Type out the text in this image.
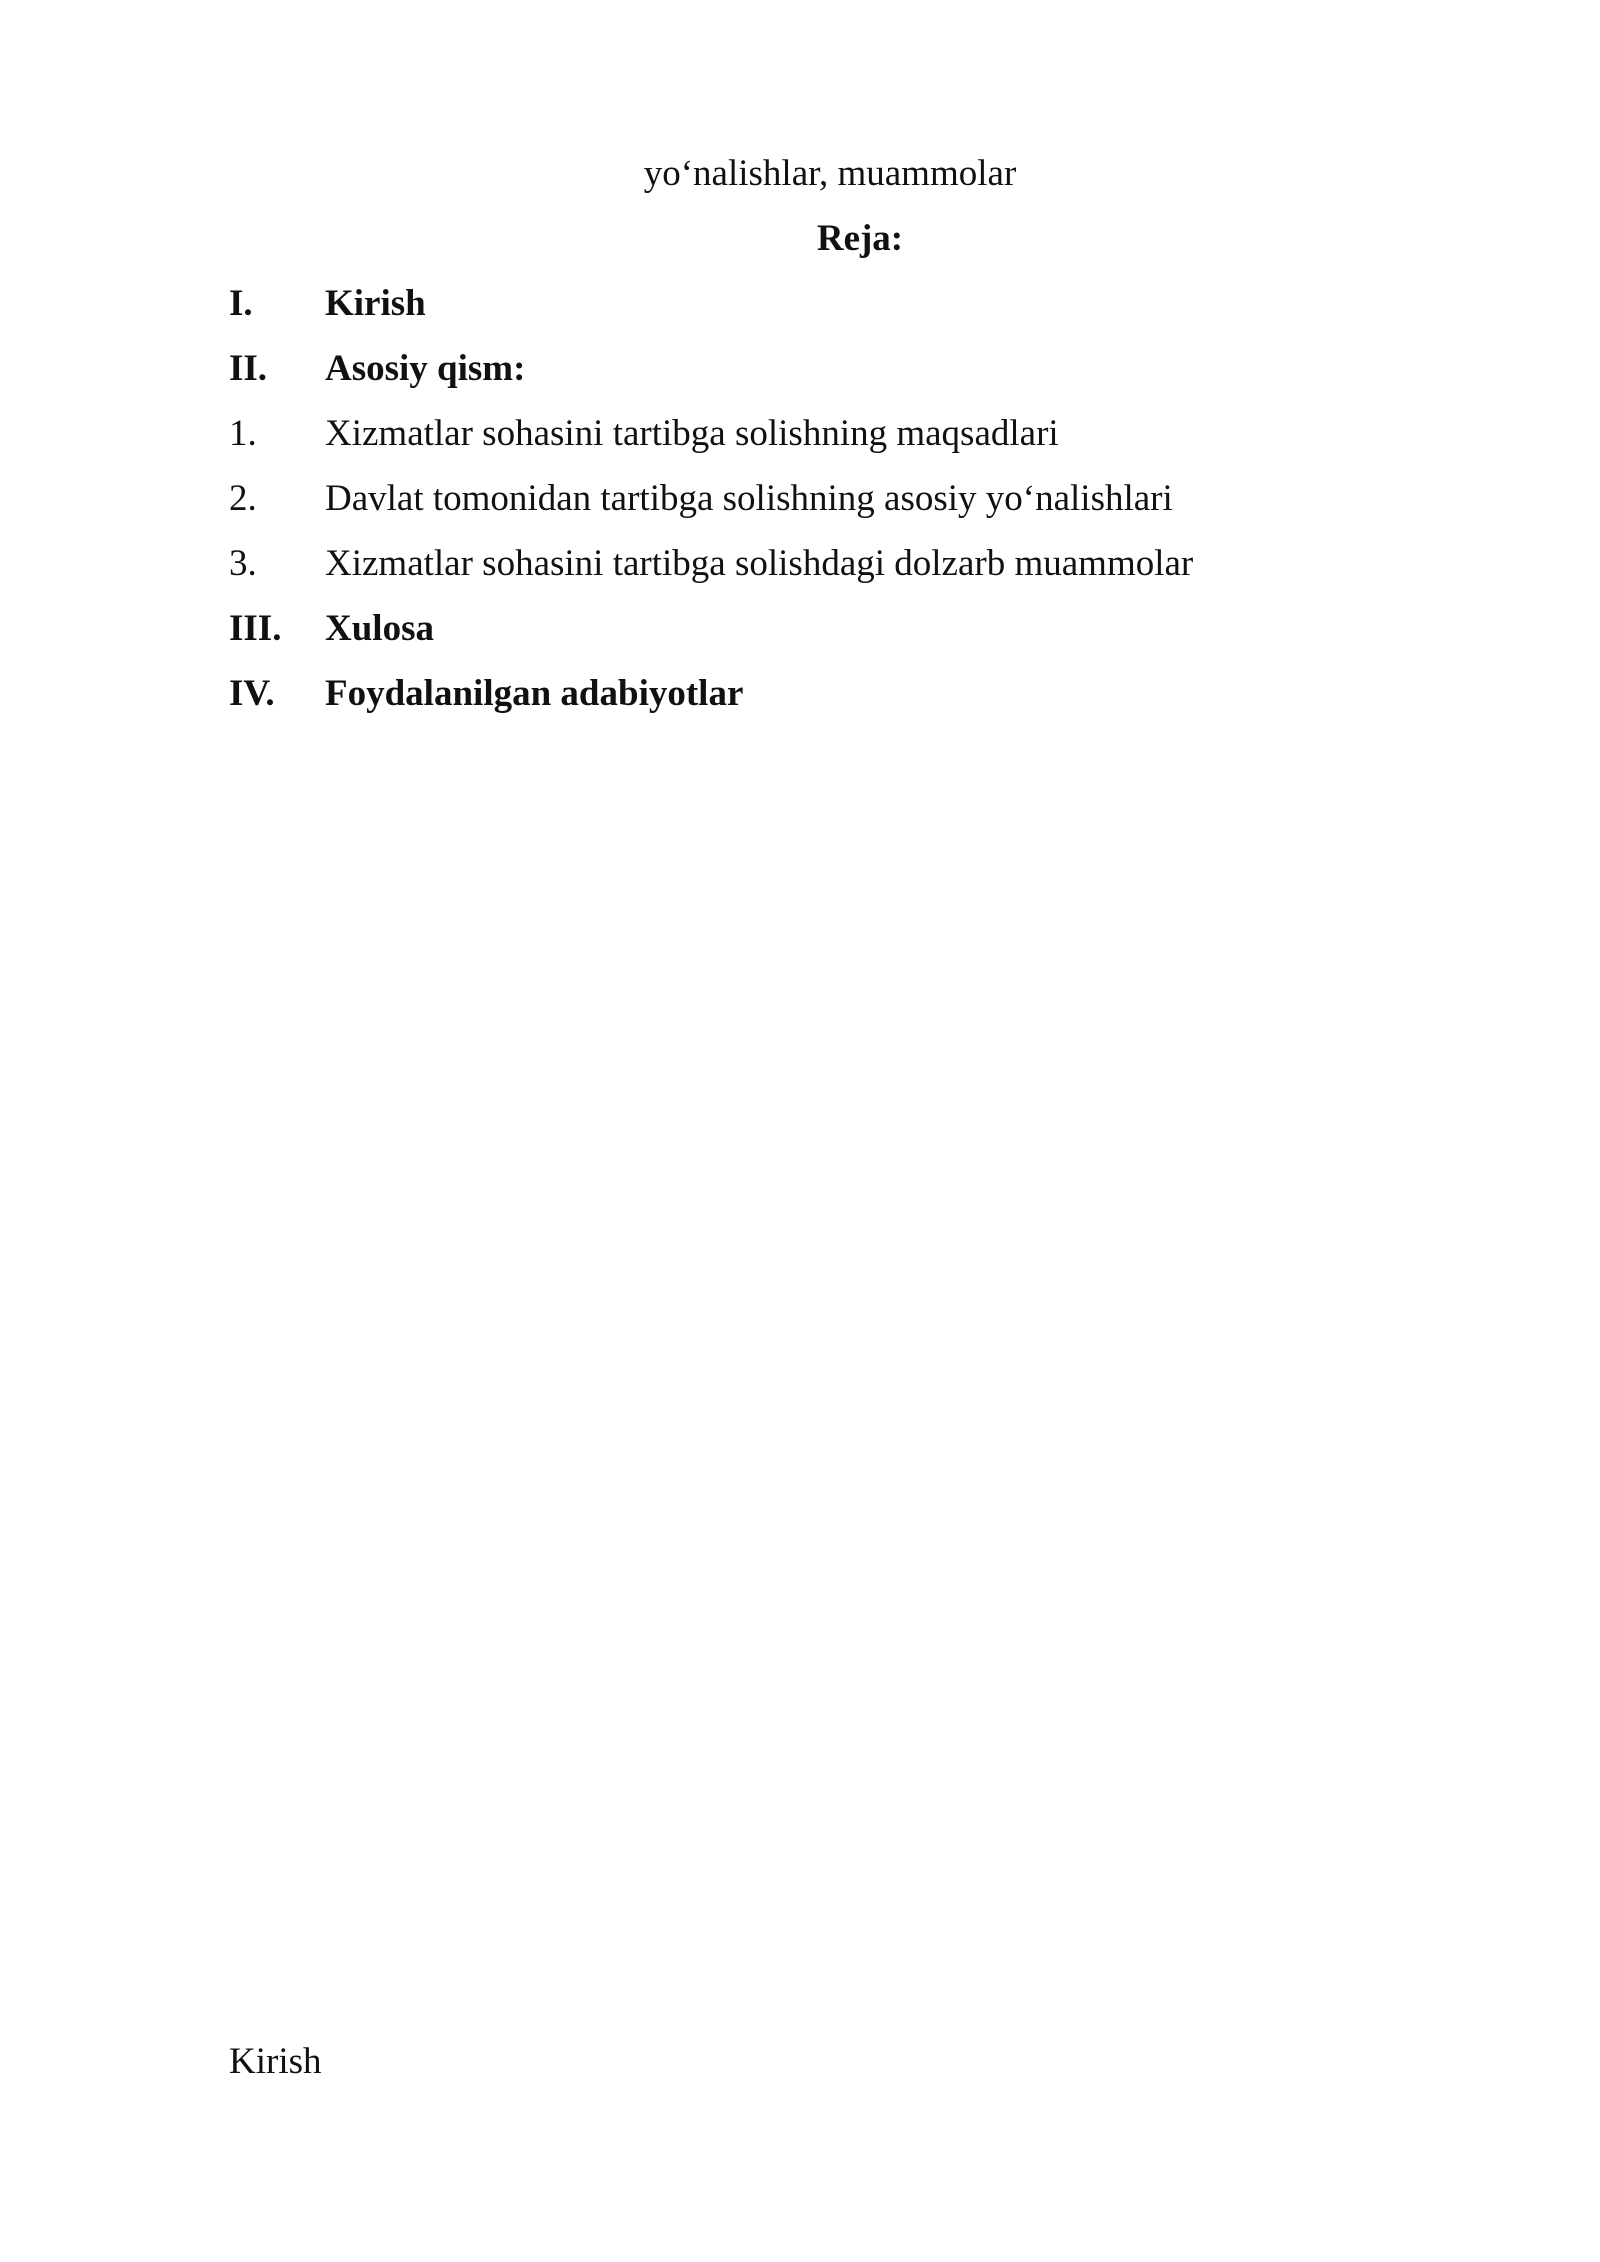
yo‘nalishlar, muammolar
Reja:
I.	Kirish
II.	Asosiy qism:
1.	Xizmatlar sohasini tartibga solishning maqsadlari
2.	Davlat tomonidan tartibga solishning asosiy yo‘nalishlari
3.	Xizmatlar sohasini tartibga solishdagi dolzarb muammolar
III.	Xulosa
IV.	Foydalanilgan adabiyotlar
Kirish
